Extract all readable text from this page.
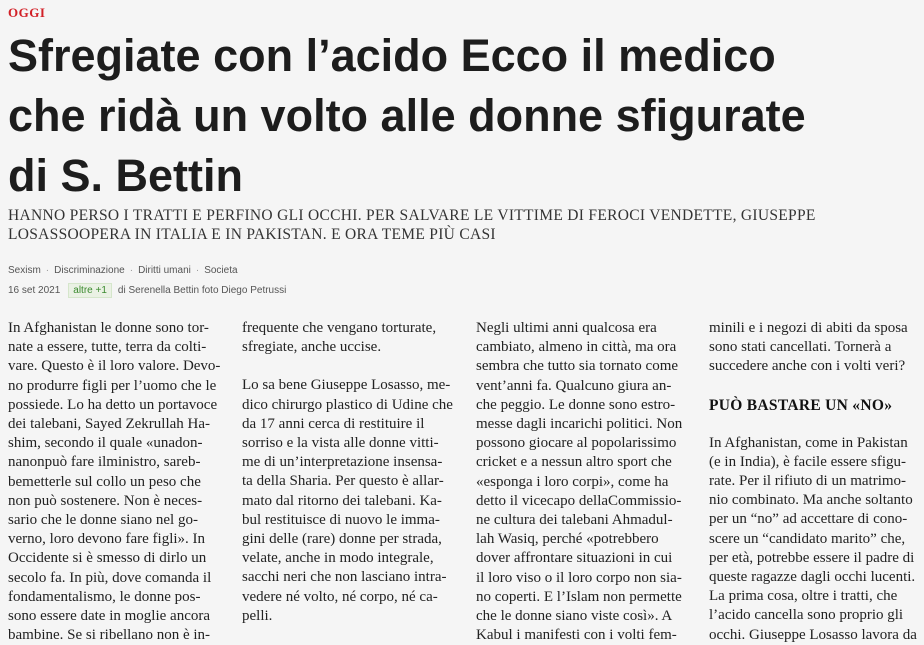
OGGI
Sfregiate con l’acido Ecco il medico
che ridà un volto alle donne sfigurate
di S. Bettin
HANNO PERSO I TRATTI E PERFINO GLI OCCHI. PER SALVARE LE VITTIME DI FEROCI VENDETTE, GIUSEPPE
LOSASSOOPERA IN ITALIA E IN PAKISTAN. E ORA TEME PIÙ CASI
Sexism · Discriminazione · Diritti umani · Societa
16 set 2021	altre +1	di Serenella Bettin foto Diego Petrussi

In Afghanistan le donne sono tor-

nate a essere, tutte, terra da colti-

vare. Questo è il loro valore. Devo-

no produrre figli per l’uomo che le

possiede. Lo ha detto un portavoce

dei talebani, Sayed Zekrullah Ha-

shim, secondo il quale «unadon-

nanonpuò fare ilministro, sareb-

bemetterle sul collo un peso che

non può sostenere. Non è neces-

sario che le donne siano nel go-

verno, loro devono fare figli». In

Occidente si è smesso di dirlo un

secolo fa. In più, dove comanda il

fondamentalismo, le donne pos-

sono essere date in moglie ancora

bambine. Se si ribellano non è in-

frequente che vengano torturate,

sfregiate, anche uccise.

Lo sa bene Giuseppe Losasso, me-

dico chirurgo plastico di Udine che

da 17 anni cerca di restituire il

sorriso e la vista alle donne vitti-

me di un’interpretazione insensa-

ta della Sharia. Per questo è allar-

mato dal ritorno dei talebani. Ka-

bul restituisce di nuovo le imma-

gini delle (rare) donne per strada,

velate, anche in modo integrale,

sacchi neri che non lasciano intra-

vedere né volto, né corpo, né ca-

pelli.

Negli ultimi anni qualcosa era

cambiato, almeno in città, ma ora

sembra che tutto sia tornato come

vent’anni fa. Qualcuno giura an-

che peggio. Le donne sono estro-

messe dagli incarichi politici. Non

possono giocare al popolarissimo

cricket e a nessun altro sport che

«esponga i loro corpi», come ha

detto il vicecapo dellaCommissio-

ne cultura dei talebani Ahmadul-

lah Wasiq, perché «potrebbero

dover affrontare situazioni in cui

il loro viso o il loro corpo non sia-

no coperti. E l’Islam non permette

che le donne siano viste così». A

Kabul i manifesti con i volti fem-

minili e i negozi di abiti da sposa

sono stati cancellati. Tornerà a

succedere anche con i volti veri?

PUÒ BASTARE UN «NO»

In Afghanistan, come in Pakistan

(e in India), è facile essere sfigu-

rate. Per il rifiuto di un matrimo-

nio combinato. Ma anche soltanto

per un “no” ad accettare di cono-

scere un “candidato marito” che,

per età, potrebbe essere il padre di

queste ragazze dagli occhi lucenti.

La prima cosa, oltre i tratti, che

l’acido cancella sono proprio gli

occhi. Giuseppe Losasso lavora da
